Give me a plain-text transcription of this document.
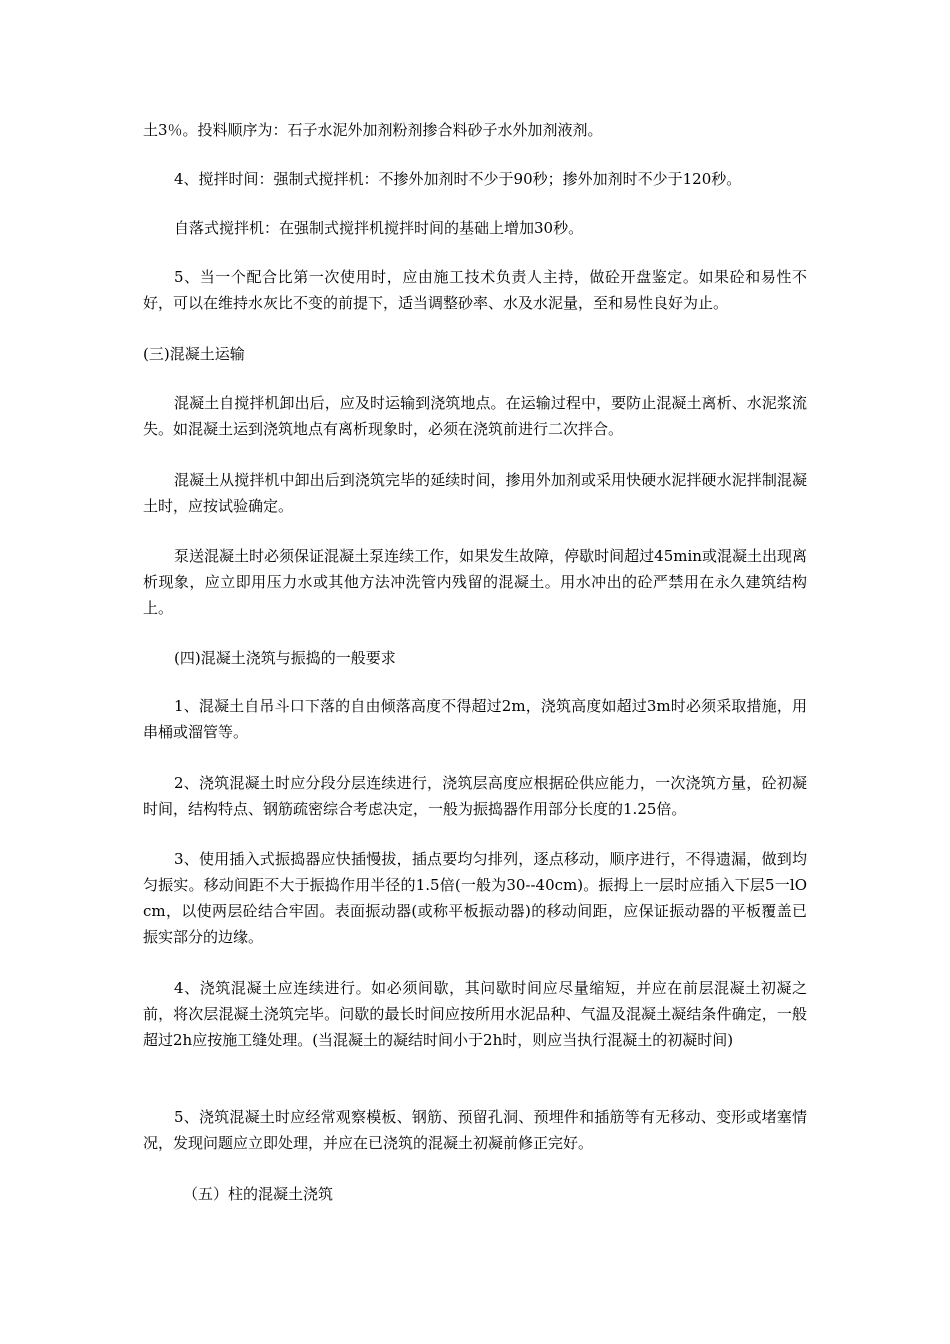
土3％。投料顺序为：石子水泥外加剂粉剂掺合料砂子水外加剂液剂。

4、搅拌时间：强制式搅拌机：不掺外加剂时不少于90秒；掺外加剂时不少于120秒。

自落式搅拌机：在强制式搅拌机搅拌时间的基础上增加30秒。

5、当一个配合比第一次使用时，应由施工技术负责人主持，做砼开盘鉴定。如果砼和易性不好，可以在维持水灰比不变的前提下，适当调整砂率、水及水泥量，至和易性良好为止。

(三)混凝土运输

混凝土自搅拌机卸出后，应及时运输到浇筑地点。在运输过程中，要防止混凝土离析、水泥浆流失。如混凝土运到浇筑地点有离析现象时，必须在浇筑前进行二次拌合。

混凝土从搅拌机中卸出后到浇筑完毕的延续时间，掺用外加剂或采用快硬水泥拌硬水泥拌制混凝土时，应按试验确定。

泵送混凝土时必须保证混凝土泵连续工作，如果发生故障，停歇时间超过45min或混凝土出现离析现象，应立即用压力水或其他方法冲洗管内残留的混凝土。用水冲出的砼严禁用在永久建筑结构上。

(四)混凝土浇筑与振捣的一般要求

1、混凝土自吊斗口下落的自由倾落高度不得超过2m，浇筑高度如超过3m时必须采取措施，用串桶或溜管等。

2、浇筑混凝土时应分段分层连续进行，浇筑层高度应根据砼供应能力，一次浇筑方量，砼初凝时间，结构特点、钢筋疏密综合考虑决定，一般为振捣器作用部分长度的1.25倍。

3、使用插入式振捣器应快插慢拔，插点要均匀排列，逐点移动，顺序进行，不得遗漏，做到均匀振实。移动间距不大于振捣作用半径的1.5倍(一般为30--40cm)。振拇上一层时应插入下层5一lOcm，以使两层砼结合牢固。表面振动器(或称平板振动器)的移动间距，应保证振动器的平板覆盖已振实部分的边缘。

4、浇筑混凝土应连续进行。如必须间歇，其问歇时间应尽量缩短，并应在前层混凝土初凝之前，将次层混凝土浇筑完毕。问歇的最长时间应按所用水泥品种、气温及混凝土凝结条件确定，一般超过2h应按施工缝处理。(当混凝土的凝结时间小于2h时，则应当执行混凝土的初凝时间)

5、浇筑混凝土时应经常观察模板、钢筋、预留孔洞、预埋件和插筋等有无移动、变形或堵塞情况，发现问题应立即处理，并应在已浇筑的混凝土初凝前修正完好。

（五）柱的混凝土浇筑
